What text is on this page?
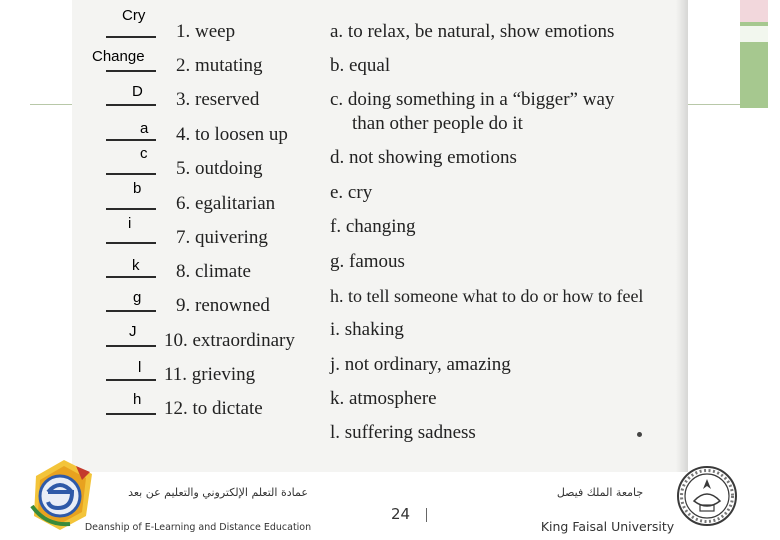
1. weep
2. mutating
3. reserved
4. to loosen up
5. outdoing
6. egalitarian
7. quivering
8. climate
9. renowned
10. extraordinary
11. grieving
12. to dictate
a. to relax, be natural, show emotions
b. equal
c. doing something in a “bigger” way
than other people do it
d. not showing emotions
e. cry
f. changing
g. famous
h. to tell someone what to do or how to feel
i. shaking
j. not ordinary, amazing
k. atmosphere
l. suffering sadness
Cry
Change
D
a
c
b
i
k
g
J
l
h
عمادة التعلم الإلكتروني والتعليم عن بعد
Deanship of E-Learning and Distance Education
24
جامعة الملك فيصل
King Faisal University
